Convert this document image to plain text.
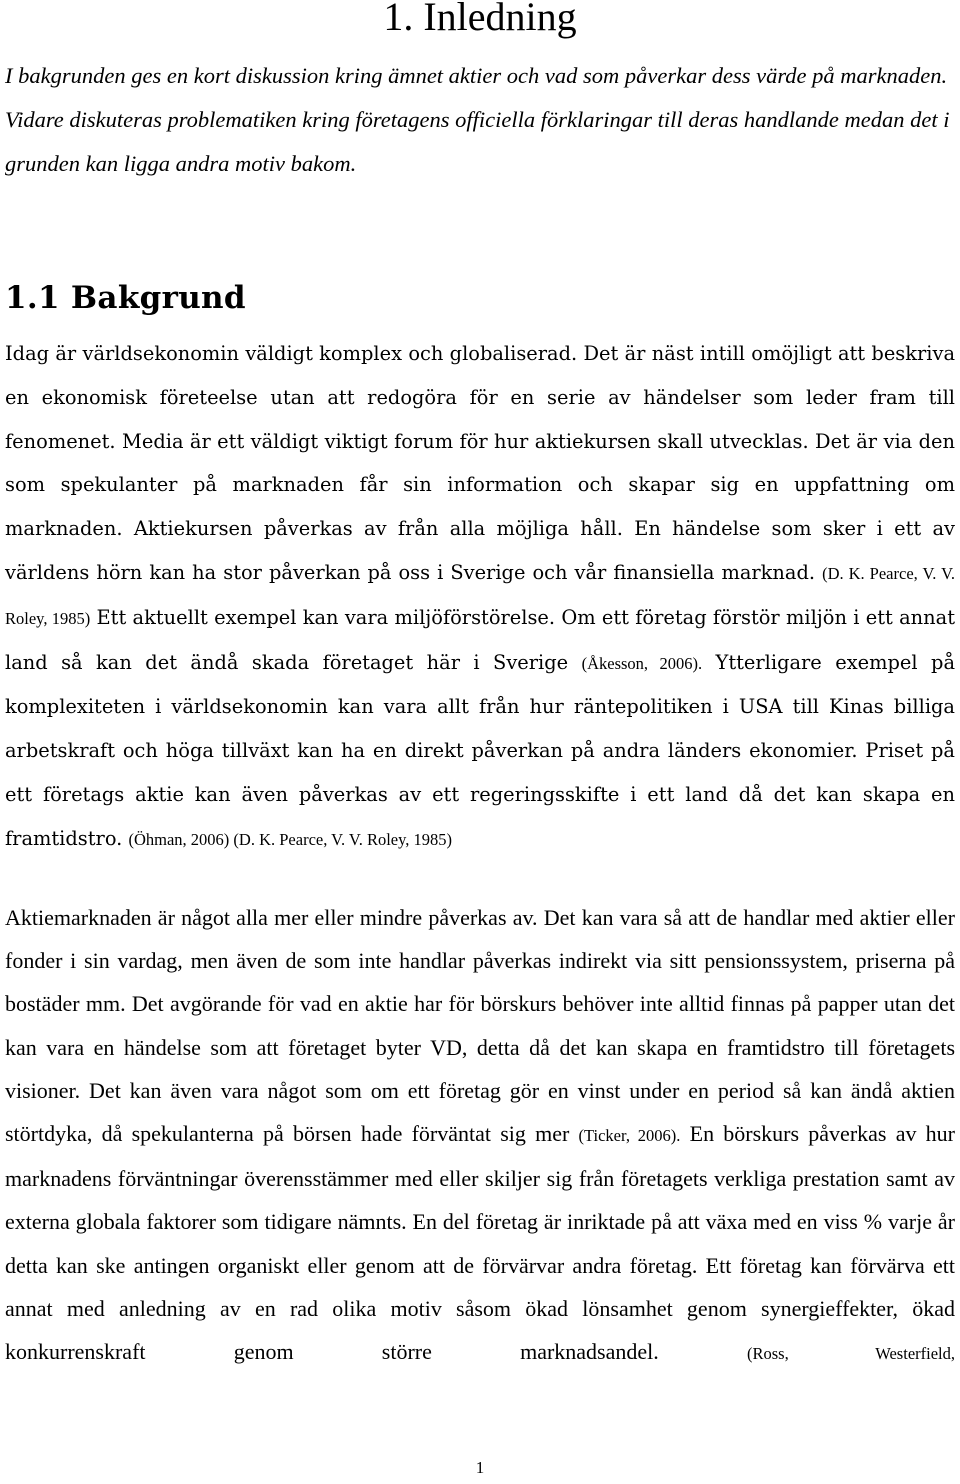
1. Inledning

I bakgrunden ges en kort diskussion kring ämnet aktier och vad som påverkar dess värde på marknaden. Vidare diskuteras problematiken kring företagens officiella förklaringar till deras handlande medan det i grunden kan ligga andra motiv bakom.

1.1 Bakgrund

Idag är världsekonomin väldigt komplex och globaliserad. Det är näst intill omöjligt att beskriva en ekonomisk företeelse utan att redogöra för en serie av händelser som leder fram till fenomenet. Media är ett väldigt viktigt forum för hur aktiekursen skall utvecklas. Det är via den som spekulanter på marknaden får sin information och skapar sig en uppfattning om marknaden. Aktiekursen påverkas av från alla möjliga håll. En händelse som sker i ett av världens hörn kan ha stor påverkan på oss i Sverige och vår finansiella marknad. (D. K. Pearce, V. V. Roley, 1985) Ett aktuellt exempel kan vara miljöförstörelse. Om ett företag förstör miljön i ett annat land så kan det ändå skada företaget här i Sverige (Åkesson, 2006). Ytterligare exempel på komplexiteten i världsekonomin kan vara allt från hur räntepolitiken i USA till Kinas billiga arbetskraft och höga tillväxt kan ha en direkt påverkan på andra länders ekonomier. Priset på ett företags aktie kan även påverkas av ett regeringsskifte i ett land då det kan skapa en framtidstro. (Öhman, 2006) (D. K. Pearce, V. V. Roley, 1985)

Aktiemarknaden är något alla mer eller mindre påverkas av. Det kan vara så att de handlar med aktier eller fonder i sin vardag, men även de som inte handlar påverkas indirekt via sitt pensionssystem, priserna på bostäder mm. Det avgörande för vad en aktie har för börskurs behöver inte alltid finnas på papper utan det kan vara en händelse som att företaget byter VD, detta då det kan skapa en framtidstro till företagets visioner. Det kan även vara något som om ett företag gör en vinst under en period så kan ändå aktien störtdyka, då spekulanterna på börsen hade förväntat sig mer (Ticker, 2006). En börskurs påverkas av hur marknadens förväntningar överensstämmer med eller skiljer sig från företagets verkliga prestation samt av externa globala faktorer som tidigare nämnts. En del företag är inriktade på att växa med en viss % varje år detta kan ske antingen organiskt eller genom att de förvärvar andra företag. Ett företag kan förvärva ett annat med anledning av en rad olika motiv såsom ökad lönsamhet genom synergieffekter, ökad konkurrenskraft genom större marknadsandel.	(Ross, Westerfield,

1
